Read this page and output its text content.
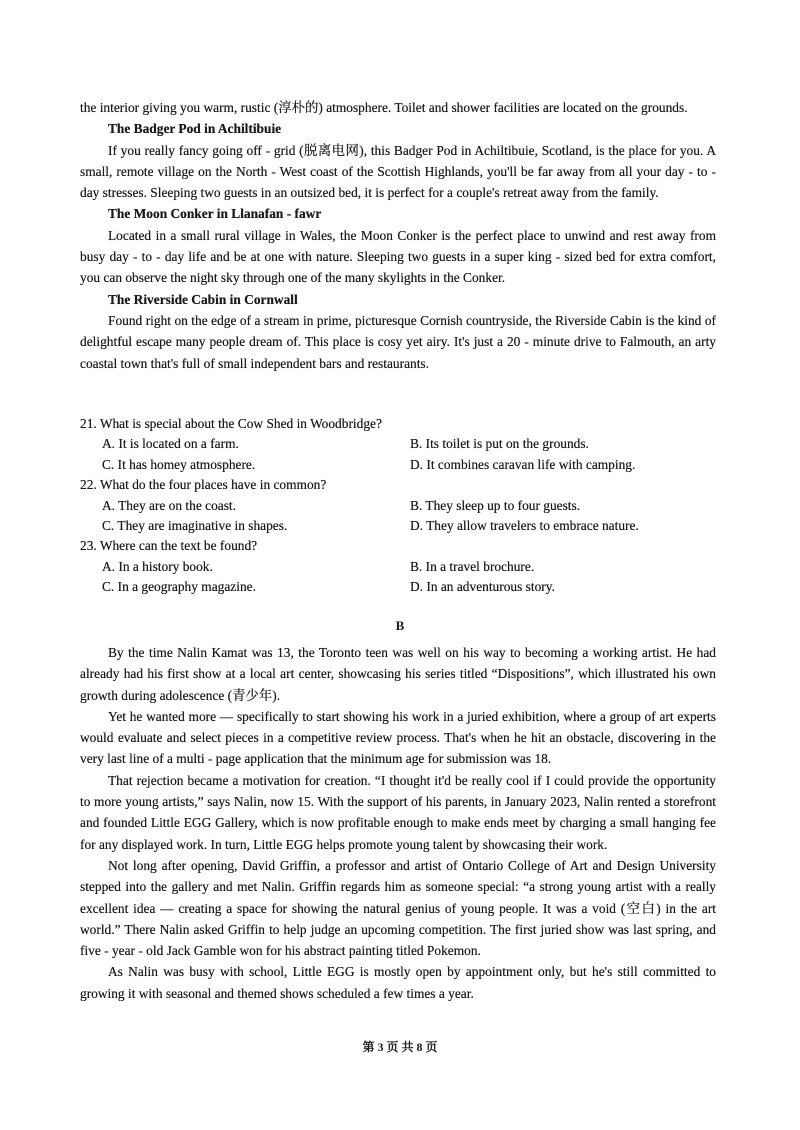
the interior giving you warm, rustic (淳朴的) atmosphere. Toilet and shower facilities are located on the grounds.

The Badger Pod in Achiltibuie

If you really fancy going off - grid (脱离电网), this Badger Pod in Achiltibuie, Scotland, is the place for you. A small, remote village on the North - West coast of the Scottish Highlands, you'll be far away from all your day - to - day stresses. Sleeping two guests in an outsized bed, it is perfect for a couple's retreat away from the family.

The Moon Conker in Llanafan - fawr

Located in a small rural village in Wales, the Moon Conker is the perfect place to unwind and rest away from busy day - to - day life and be at one with nature. Sleeping two guests in a super king - sized bed for extra comfort, you can observe the night sky through one of the many skylights in the Conker.

The Riverside Cabin in Cornwall

Found right on the edge of a stream in prime, picturesque Cornish countryside, the Riverside Cabin is the kind of delightful escape many people dream of. This place is cosy yet airy. It's just a 20 - minute drive to Falmouth, an arty coastal town that's full of small independent bars and restaurants.

21. What is special about the Cow Shed in Woodbridge?

A. It is located on a farm.	B. Its toilet is put on the grounds.
C. It has homey atmosphere.	D. It combines caravan life with camping.

22. What do the four places have in common?

A. They are on the coast.	B. They sleep up to four guests.
C. They are imaginative in shapes.	D. They allow travelers to embrace nature.

23. Where can the text be found?

A. In a history book.	B. In a travel brochure.
C. In a geography magazine.	D. In an adventurous story.
B

By the time Nalin Kamat was 13, the Toronto teen was well on his way to becoming a working artist. He had already had his first show at a local art center, showcasing his series titled “Dispositions”, which illustrated his own growth during adolescence (青少年).

Yet he wanted more — specifically to start showing his work in a juried exhibition, where a group of art experts would evaluate and select pieces in a competitive review process. That's when he hit an obstacle, discovering in the very last line of a multi - page application that the minimum age for submission was 18.

That rejection became a motivation for creation. “I thought it'd be really cool if I could provide the opportunity to more young artists,” says Nalin, now 15. With the support of his parents, in January 2023, Nalin rented a storefront and founded Little EGG Gallery, which is now profitable enough to make ends meet by charging a small hanging fee for any displayed work. In turn, Little EGG helps promote young talent by showcasing their work.

Not long after opening, David Griffin, a professor and artist of Ontario College of Art and Design University stepped into the gallery and met Nalin. Griffin regards him as someone special: “a strong young artist with a really excellent idea — creating a space for showing the natural genius of young people. It was a void (空白) in the art world.” There Nalin asked Griffin to help judge an upcoming competition. The first juried show was last spring, and five - year - old Jack Gamble won for his abstract painting titled Pokemon.

As Nalin was busy with school, Little EGG is mostly open by appointment only, but he's still committed to growing it with seasonal and themed shows scheduled a few times a year.

第 3 页 共 8 页
